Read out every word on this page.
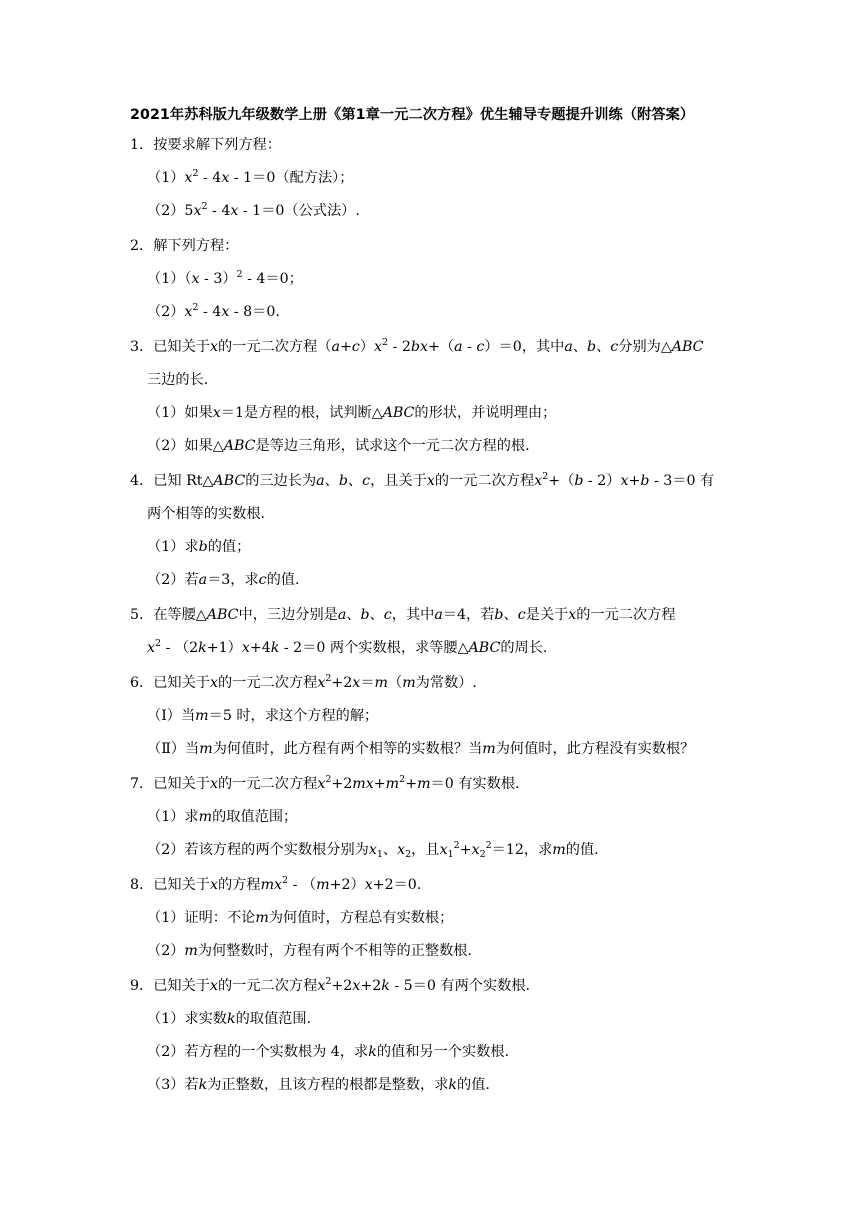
2021年苏科版九年级数学上册《第1章一元二次方程》优生辅导专题提升训练（附答案）
1．按要求解下列方程：
$(1)x^2 - 4x - 1=0$（配方法）；
$(2)5x^2 - 4x - 1=0$（公式法）.
2．解下列方程：
（1）（x - 3）$^2$ - 4＝0；
$(2)x^2 - 4x - 8=0$.
3．已知关于x的一元二次方程$(a+c)x^2 - 2bx+(a - c)=0$，其中a、b、c分别为△ABC
三边的长.
（1）如果x＝1是方程的根，试判断△ABC的形状，并说明理由；
（2）如果△ABC是等边三角形，试求这个一元二次方程的根.
4．已知 Rt△ABC的三边长为a、b、c，且关于x的一元二次方程$x^2+(b - 2)x+b - 3=0$ 有
两个相等的实数根.
（1）求b的值；
（2）若a＝3，求c的值.
5．在等腰△ABC中，三边分别是a、b、c，其中a＝4，若b、c是关于x的一元二次方程
$x^2 - (2k+1)x+4k - 2=0$ 两个实数根，求等腰△ABC的周长.
6．已知关于x的一元二次方程$x^2+2x=m(m$为常数）.
（Ⅰ）当m＝5 时，求这个方程的解；
（Ⅱ）当m为何值时，此方程有两个相等的实数根？当m为何值时，此方程没有实数根？
7．已知关于x的一元二次方程$x^2+2mx+m^2+m=0$ 有实数根.
（1）求m的取值范围；
（2）若该方程的两个实数根分别为$x_1$、$x_2$，且$x_1^2+x_2^2=12$，求m的值.
8．已知关于x的方程$mx^2 - (m+2)x+2=0$.
（1）证明：不论m为何值时，方程总有实数根；
（2）m为何整数时，方程有两个不相等的正整数根.
9．已知关于x的一元二次方程$x^2+2x+2k - 5=0$ 有两个实数根.
（1）求实数k的取值范围.
（2）若方程的一个实数根为 4，求k的值和另一个实数根.
（3）若k为正整数，且该方程的根都是整数，求k的值.
